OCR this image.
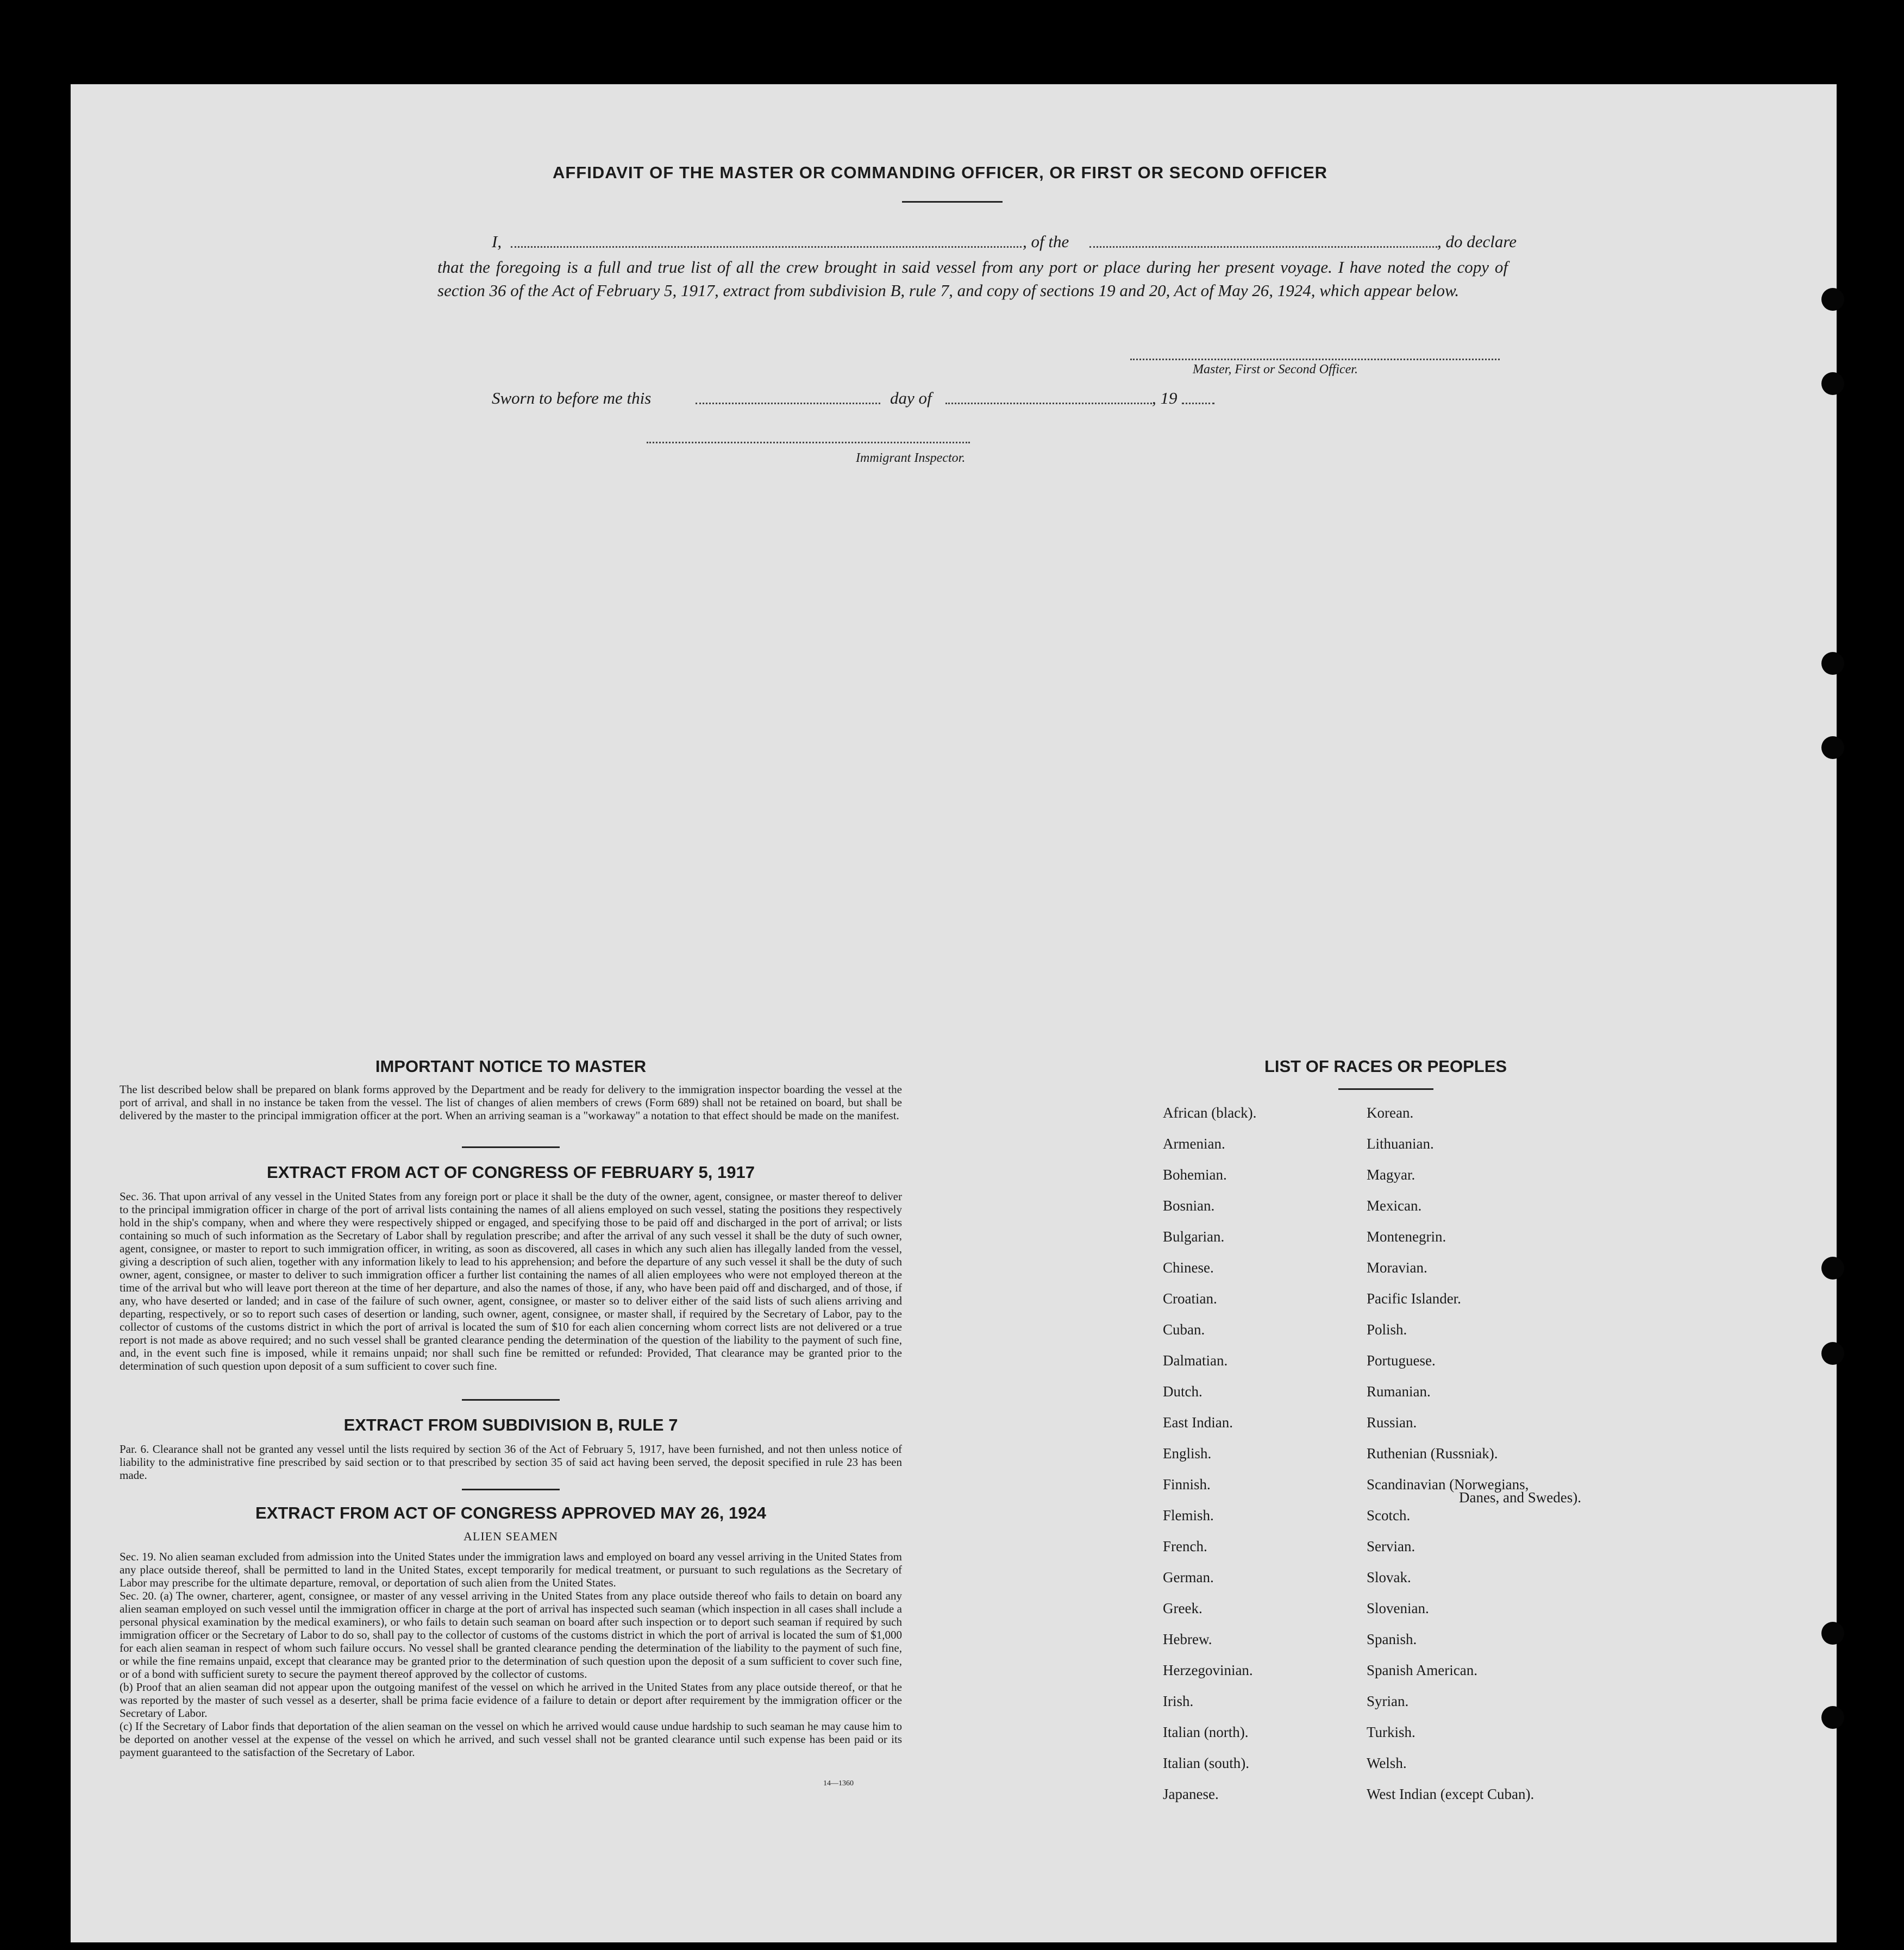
AFFIDAVIT OF THE MASTER OR COMMANDING OFFICER, OR FIRST OR SECOND OFFICER
I,	, of the	, do declare
that the foregoing is a full and true list of all the crew brought in said vessel from any port or place during her present voyage. I have noted the copy of section 36 of the Act of February 5, 1917, extract from subdivision B, rule 7, and copy of sections 19 and 20, Act of May 26, 1924, which appear below.
Master, First or Second Officer.
Sworn to before me this	day of	, 19
Immigrant Inspector.
IMPORTANT NOTICE TO MASTER
The list described below shall be prepared on blank forms approved by the Department and be ready for delivery to the immigration inspector boarding the vessel at the port of arrival, and shall in no instance be taken from the vessel. The list of changes of alien members of crews (Form 689) shall not be retained on board, but shall be delivered by the master to the principal immigration officer at the port. When an arriving seaman is a "workaway" a notation to that effect should be made on the manifest.
EXTRACT FROM ACT OF CONGRESS OF FEBRUARY 5, 1917
Sec. 36. That upon arrival of any vessel in the United States from any foreign port or place it shall be the duty of the owner, agent, consignee, or master thereof to deliver to the principal immigration officer in charge of the port of arrival lists containing the names of all aliens employed on such vessel, stating the positions they respectively hold in the ship's company, when and where they were respectively shipped or engaged, and specifying those to be paid off and discharged in the port of arrival; or lists containing so much of such information as the Secretary of Labor shall by regulation prescribe; and after the arrival of any such vessel it shall be the duty of such owner, agent, consignee, or master to report to such immigration officer, in writing, as soon as discovered, all cases in which any such alien has illegally landed from the vessel, giving a description of such alien, together with any information likely to lead to his apprehension; and before the departure of any such vessel it shall be the duty of such owner, agent, consignee, or master to deliver to such immigration officer a further list containing the names of all alien employees who were not employed thereon at the time of the arrival but who will leave port thereon at the time of her departure, and also the names of those, if any, who have been paid off and discharged, and of those, if any, who have deserted or landed; and in case of the failure of such owner, agent, consignee, or master so to deliver either of the said lists of such aliens arriving and departing, respectively, or so to report such cases of desertion or landing, such owner, agent, consignee, or master shall, if required by the Secretary of Labor, pay to the collector of customs of the customs district in which the port of arrival is located the sum of $10 for each alien concerning whom correct lists are not delivered or a true report is not made as above required; and no such vessel shall be granted clearance pending the determination of the question of the liability to the payment of such fine, and, in the event such fine is imposed, while it remains unpaid; nor shall such fine be remitted or refunded: Provided, That clearance may be granted prior to the determination of such question upon deposit of a sum sufficient to cover such fine.
EXTRACT FROM SUBDIVISION B, RULE 7
Par. 6. Clearance shall not be granted any vessel until the lists required by section 36 of the Act of February 5, 1917, have been furnished, and not then unless notice of liability to the administrative fine prescribed by said section or to that prescribed by section 35 of said act having been served, the deposit specified in rule 23 has been made.
EXTRACT FROM ACT OF CONGRESS APPROVED MAY 26, 1924
ALIEN SEAMEN
Sec. 19. No alien seaman excluded from admission into the United States under the immigration laws and employed on board any vessel arriving in the United States from any place outside thereof, shall be permitted to land in the United States, except temporarily for medical treatment, or pursuant to such regulations as the Secretary of Labor may prescribe for the ultimate departure, removal, or deportation of such alien from the United States.
Sec. 20. (a) The owner, charterer, agent, consignee, or master of any vessel arriving in the United States from any place outside thereof who fails to detain on board any alien seaman employed on such vessel until the immigration officer in charge at the port of arrival has inspected such seaman (which inspection in all cases shall include a personal physical examination by the medical examiners), or who fails to detain such seaman on board after such inspection or to deport such seaman if required by such immigration officer or the Secretary of Labor to do so, shall pay to the collector of customs of the customs district in which the port of arrival is located the sum of $1,000 for each alien seaman in respect of whom such failure occurs. No vessel shall be granted clearance pending the determination of the liability to the payment of such fine, or while the fine remains unpaid, except that clearance may be granted prior to the determination of such question upon the deposit of a sum sufficient to cover such fine, or of a bond with sufficient surety to secure the payment thereof approved by the collector of customs.
(b) Proof that an alien seaman did not appear upon the outgoing manifest of the vessel on which he arrived in the United States from any place outside thereof, or that he was reported by the master of such vessel as a deserter, shall be prima facie evidence of a failure to detain or deport after requirement by the immigration officer or the Secretary of Labor.
(c) If the Secretary of Labor finds that deportation of the alien seaman on the vessel on which he arrived would cause undue hardship to such seaman he may cause him to be deported on another vessel at the expense of the vessel on which he arrived, and such vessel shall not be granted clearance until such expense has been paid or its payment guaranteed to the satisfaction of the Secretary of Labor.
14—1360
LIST OF RACES OR PEOPLES
African (black).
Armenian.
Bohemian.
Bosnian.
Bulgarian.
Chinese.
Croatian.
Cuban.
Dalmatian.
Dutch.
East Indian.
English.
Finnish.
Flemish.
French.
German.
Greek.
Hebrew.
Herzegovinian.
Irish.
Italian (north).
Italian (south).
Japanese.
Korean.
Lithuanian.
Magyar.
Mexican.
Montenegrin.
Moravian.
Pacific Islander.
Polish.
Portuguese.
Rumanian.
Russian.
Ruthenian (Russniak).
Scandinavian (Norwegians,
Scotch.
Servian.
Slovak.
Slovenian.
Spanish.
Spanish American.
Syrian.
Turkish.
Welsh.
West Indian (except Cuban).
Danes, and Swedes).
